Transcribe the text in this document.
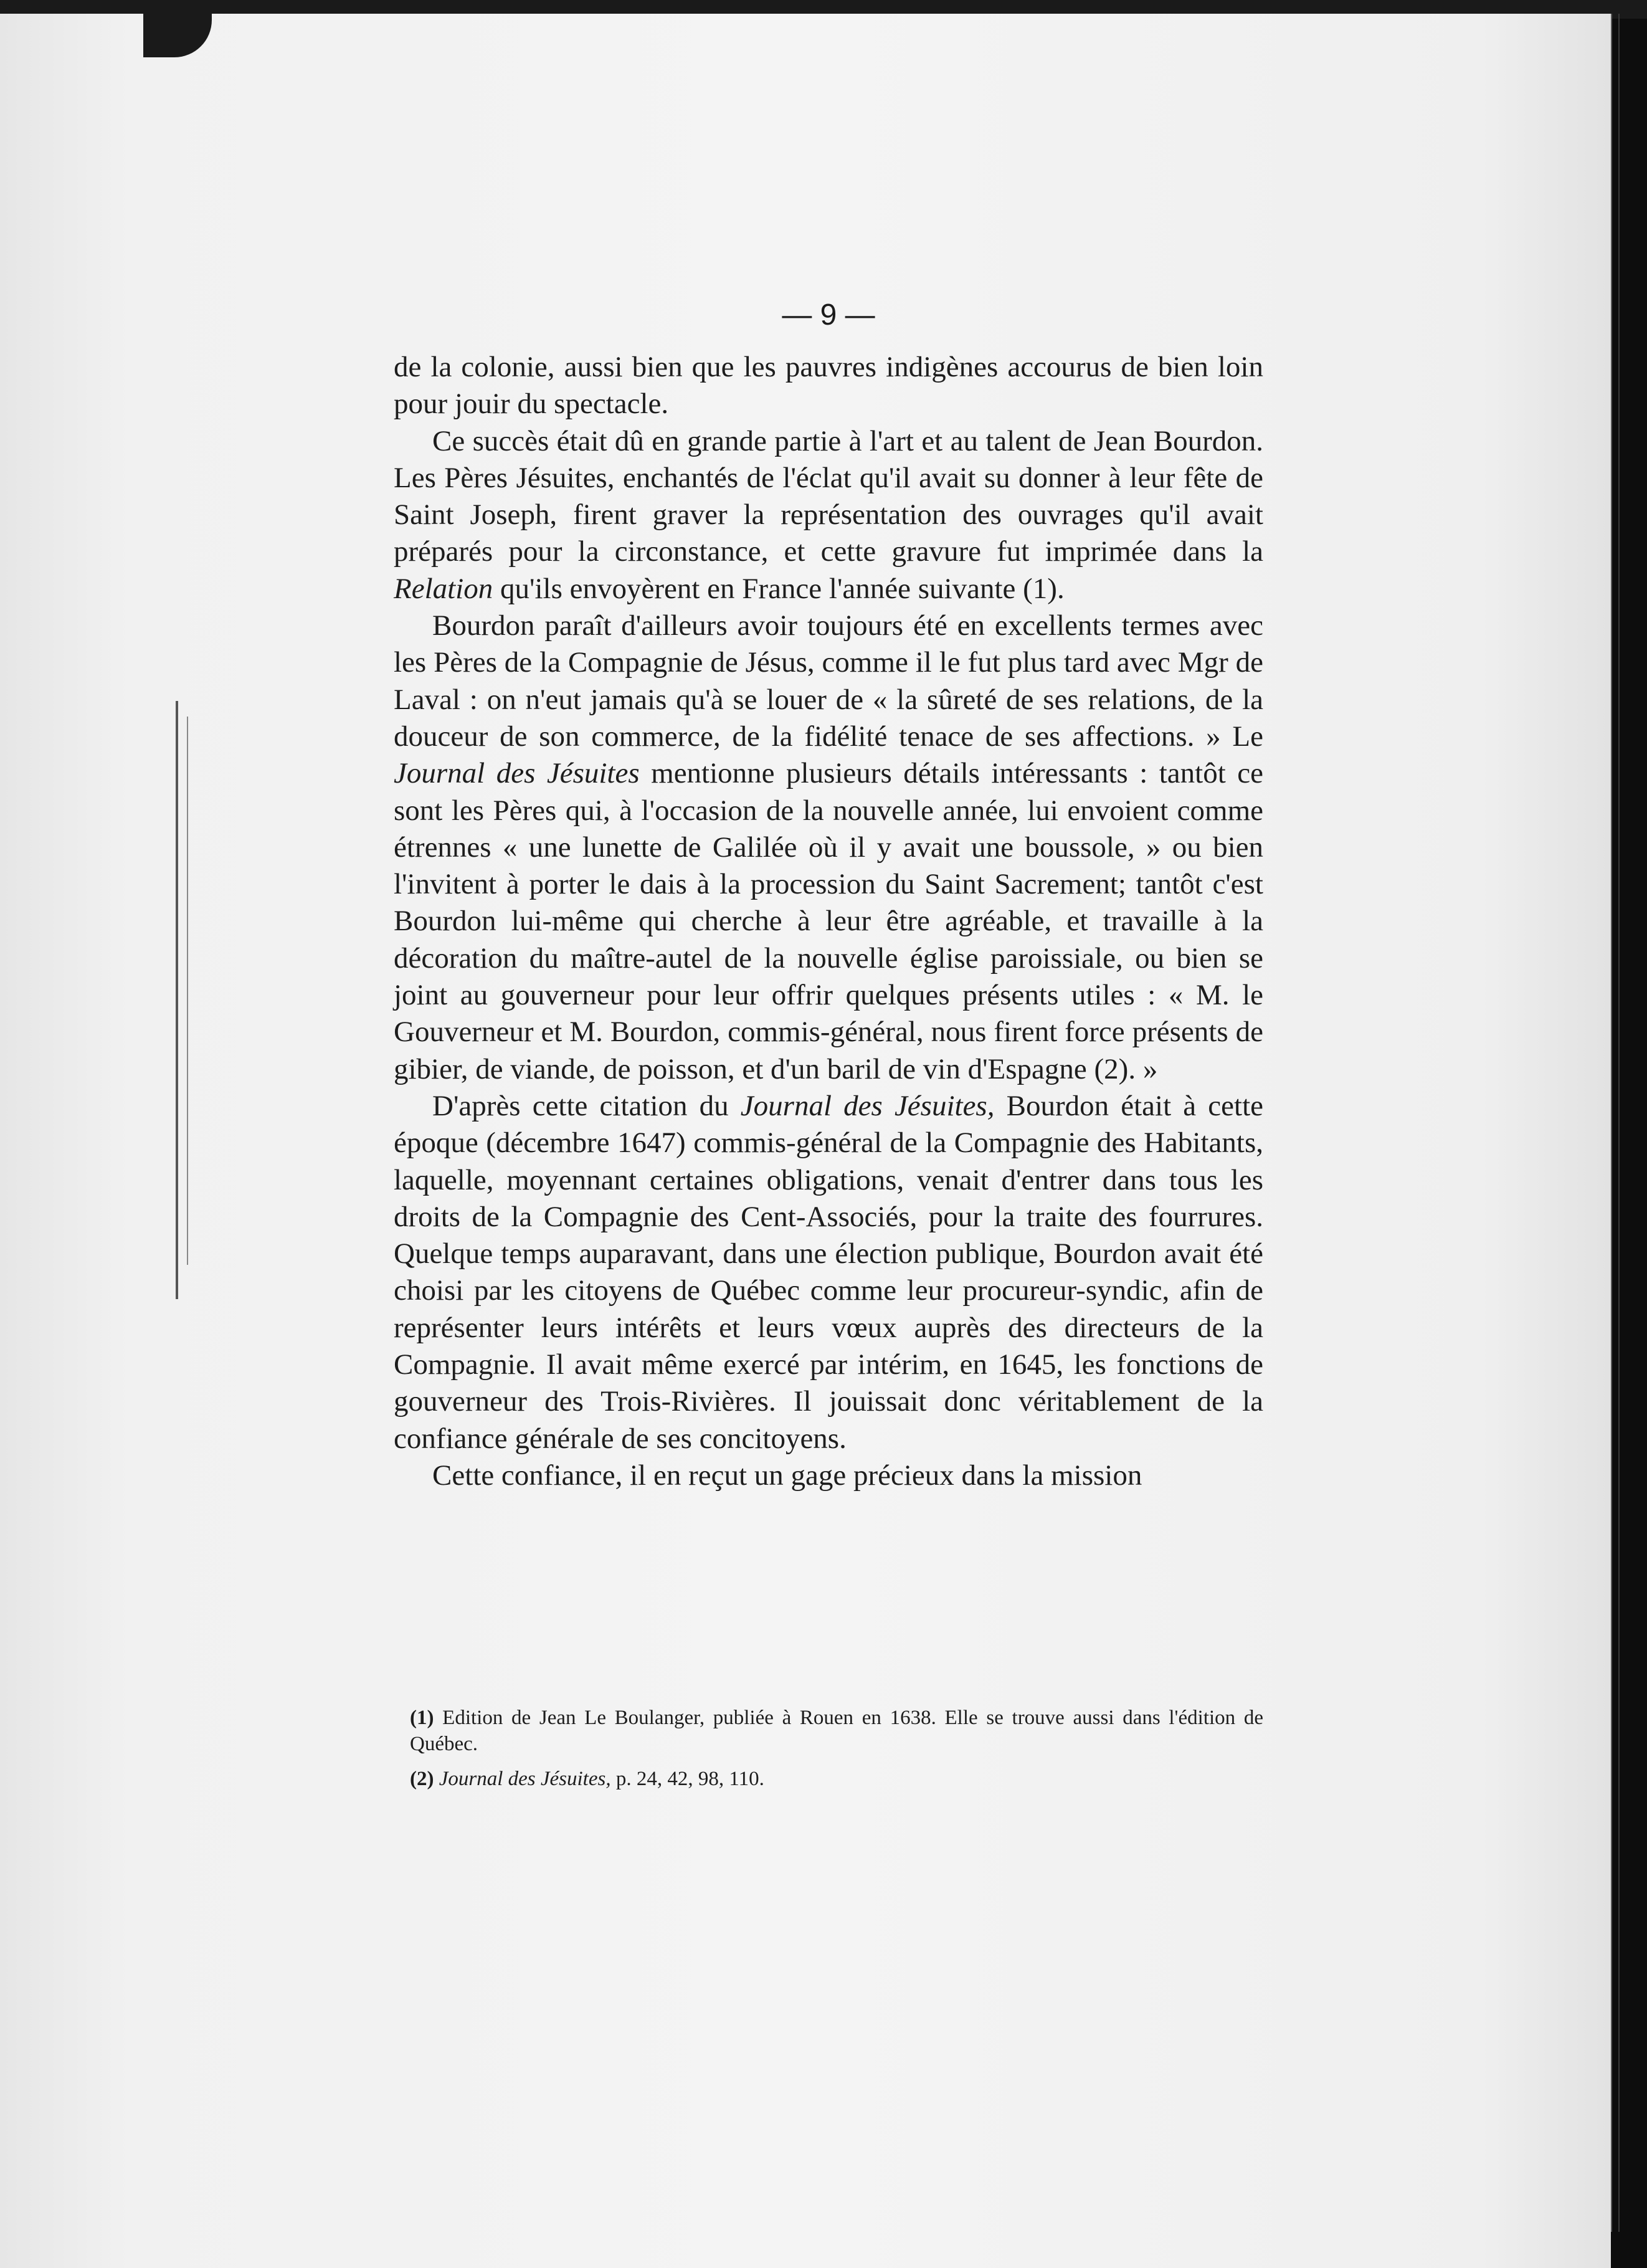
— 9 —

de la colonie, aussi bien que les pauvres indigènes accourus de bien loin pour jouir du spectacle.

Ce succès était dû en grande partie à l'art et au talent de Jean Bourdon. Les Pères Jésuites, enchantés de l'éclat qu'il avait su donner à leur fête de Saint Joseph, firent graver la représentation des ouvrages qu'il avait préparés pour la circonstance, et cette gravure fut imprimée dans la Relation qu'ils envoyèrent en France l'année suivante (1).

Bourdon paraît d'ailleurs avoir toujours été en excellents termes avec les Pères de la Compagnie de Jésus, comme il le fut plus tard avec Mgr de Laval : on n'eut jamais qu'à se louer de « la sûreté de ses relations, de la douceur de son commerce, de la fidélité tenace de ses affections. » Le Journal des Jésuites mentionne plusieurs détails intéressants : tantôt ce sont les Pères qui, à l'occasion de la nouvelle année, lui envoient comme étrennes « une lunette de Galilée où il y avait une boussole, » ou bien l'invitent à porter le dais à la procession du Saint Sacrement; tantôt c'est Bourdon lui-même qui cherche à leur être agréable, et travaille à la décoration du maître-autel de la nouvelle église paroissiale, ou bien se joint au gouverneur pour leur offrir quelques présents utiles : « M. le Gouverneur et M. Bourdon, commis-général, nous firent force présents de gibier, de viande, de poisson, et d'un baril de vin d'Espagne (2). »

D'après cette citation du Journal des Jésuites, Bourdon était à cette époque (décembre 1647) commis-général de la Compagnie des Habitants, laquelle, moyennant certaines obligations, venait d'entrer dans tous les droits de la Compagnie des Cent-Associés, pour la traite des fourrures. Quelque temps auparavant, dans une élection publique, Bourdon avait été choisi par les citoyens de Québec comme leur procureur-syndic, afin de représenter leurs intérêts et leurs vœux auprès des directeurs de la Compagnie. Il avait même exercé par intérim, en 1645, les fonctions de gouverneur des Trois-Rivières. Il jouissait donc véritablement de la confiance générale de ses concitoyens.

Cette confiance, il en reçut un gage précieux dans la mission

(1) Edition de Jean Le Boulanger, publiée à Rouen en 1638. Elle se trouve aussi dans l'édition de Québec.

(2) Journal des Jésuites, p. 24, 42, 98, 110.
